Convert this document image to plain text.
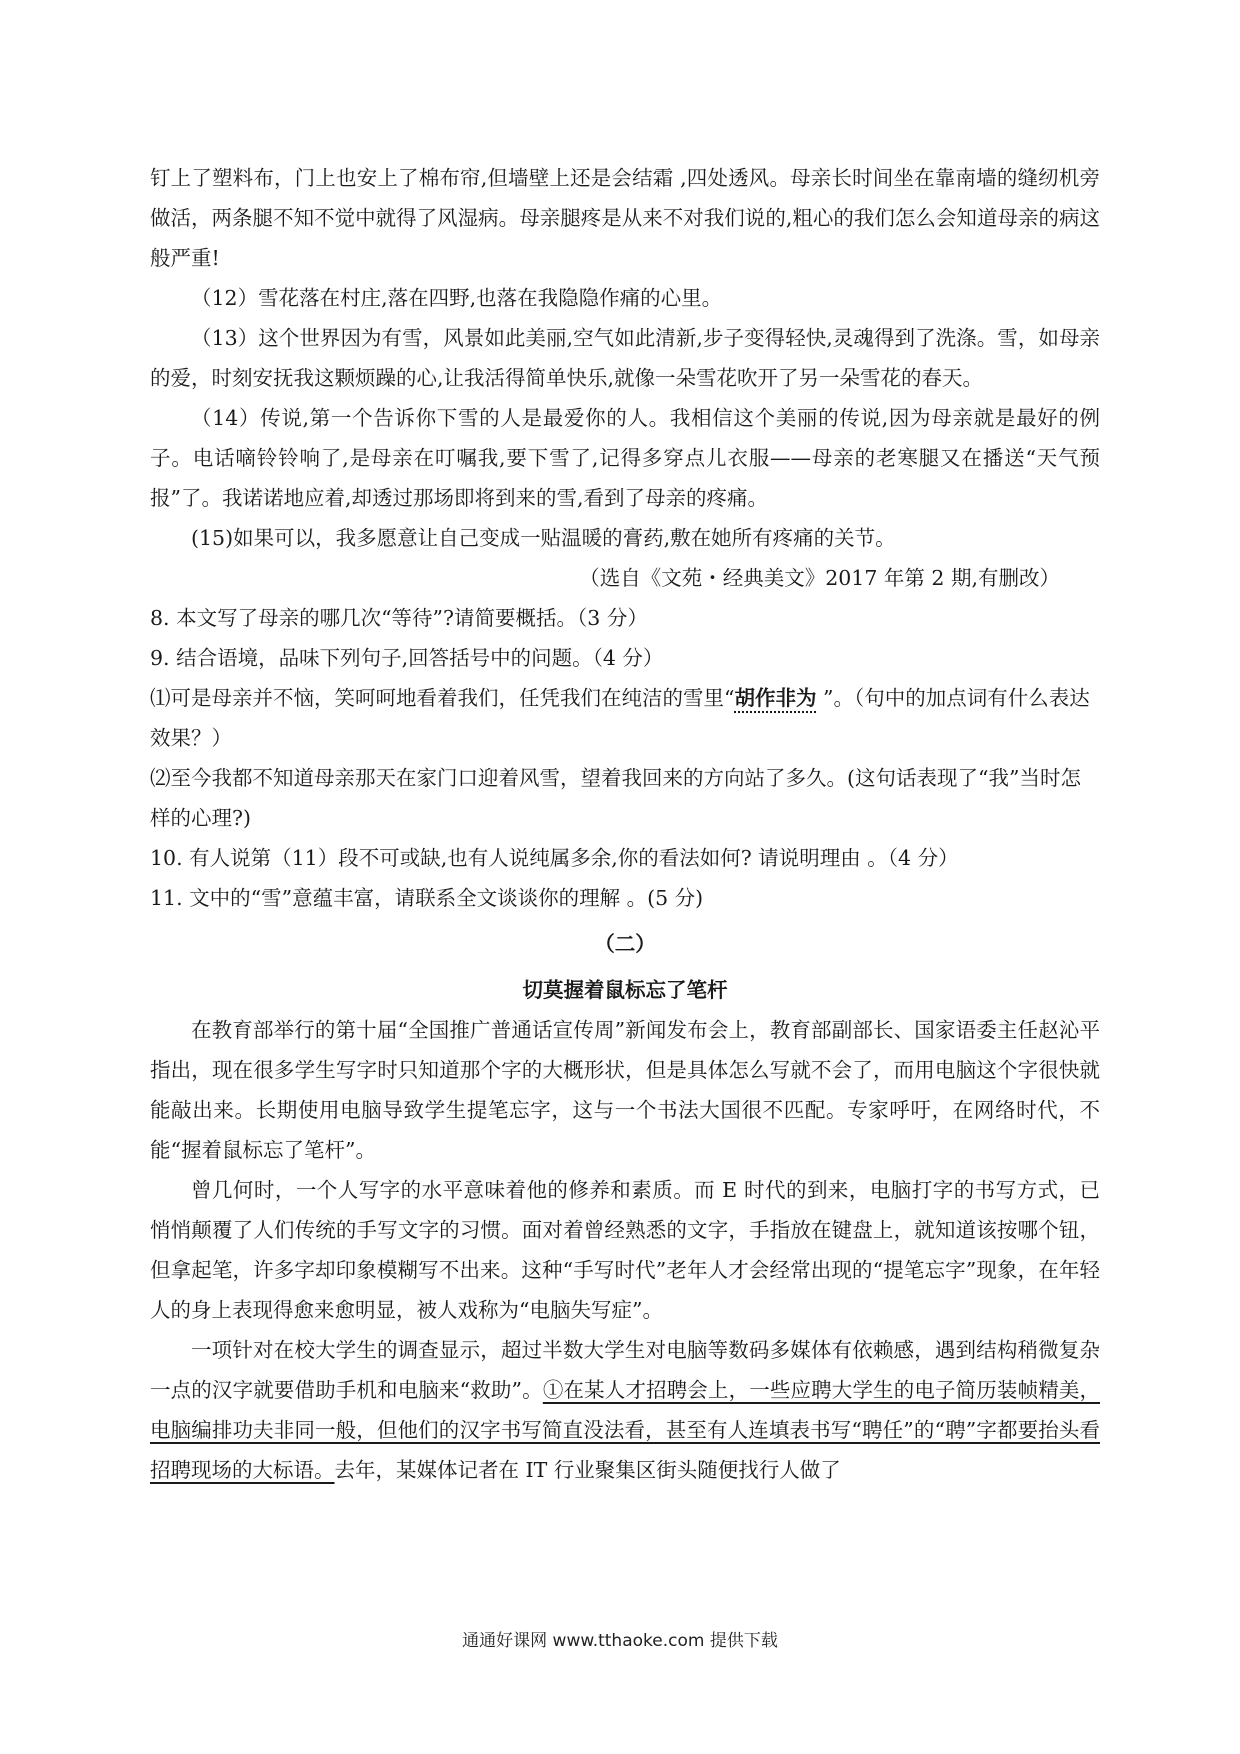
钉上了塑料布，门上也安上了棉布帘,但墙壁上还是会结霜 ,四处透风。母亲长时间坐在靠南墙的缝纫机旁做活，两条腿不知不觉中就得了风湿病。母亲腿疼是从来不对我们说的,粗心的我们怎么会知道母亲的病这般严重!

（12）雪花落在村庄,落在四野,也落在我隐隐作痛的心里。

（13）这个世界因为有雪，风景如此美丽,空气如此清新,步子变得轻快,灵魂得到了洗涤。雪，如母亲的爱，时刻安抚我这颗烦躁的心,让我活得简单快乐,就像一朵雪花吹开了另一朵雪花的春天。

（14）传说,第一个告诉你下雪的人是最爱你的人。我相信这个美丽的传说,因为母亲就是最好的例子。电话嘀铃铃响了,是母亲在叮嘱我,要下雪了,记得多穿点儿衣服——母亲的老寒腿又在播送“天气预报”了。我诺诺地应着,却透过那场即将到来的雪,看到了母亲的疼痛。

(15)如果可以，我多愿意让自己变成一贴温暖的膏药,敷在她所有疼痛的关节。

（选自《文苑・经典美文》2017 年第 2 期,有删改）

8. 本文写了母亲的哪几次“等待”?请简要概括。（3 分）

9. 结合语境，品味下列句子,回答括号中的问题。（4 分）

⑴可是母亲并不恼，笑呵呵地看着我们，任凭我们在纯洁的雪里“胡作非为 ”。（句中的加点词有什么表达效果？）

⑵至今我都不知道母亲那天在家门口迎着风雪，望着我回来的方向站了多久。(这句话表现了“我”当时怎样的心理?)

10. 有人说第（11）段不可或缺,也有人说纯属多余,你的看法如何? 请说明理由 。（4 分）

11. 文中的“雪”意蕴丰富，请联系全文谈谈你的理解 。(5 分)

（二）

切莫握着鼠标忘了笔杆

在教育部举行的第十届“全国推广普通话宣传周”新闻发布会上，教育部副部长、国家语委主任赵沁平指出，现在很多学生写字时只知道那个字的大概形状，但是具体怎么写就不会了，而用电脑这个字很快就能敲出来。长期使用电脑导致学生提笔忘字，这与一个书法大国很不匹配。专家呼吁，在网络时代，不能“握着鼠标忘了笔杆”。

曾几何时，一个人写字的水平意味着他的修养和素质。而 E 时代的到来，电脑打字的书写方式，已悄悄颠覆了人们传统的手写文字的习惯。面对着曾经熟悉的文字，手指放在键盘上，就知道该按哪个钮，但拿起笔，许多字却印象模糊写不出来。这种“手写时代”老年人才会经常出现的“提笔忘字”现象，在年轻人的身上表现得愈来愈明显，被人戏称为“电脑失写症”。

一项针对在校大学生的调查显示，超过半数大学生对电脑等数码多媒体有依赖感，遇到结构稍微复杂一点的汉字就要借助手机和电脑来“救助”。①在某人才招聘会上，一些应聘大学生的电子简历装帧精美，电脑编排功夫非同一般，但他们的汉字书写简直没法看，甚至有人连填表书写“聘任”的“聘”字都要抬头看招聘现场的大标语。去年，某媒体记者在 IT 行业聚集区街头随便找行人做了

通通好课网 www.tthaoke.com 提供下载
